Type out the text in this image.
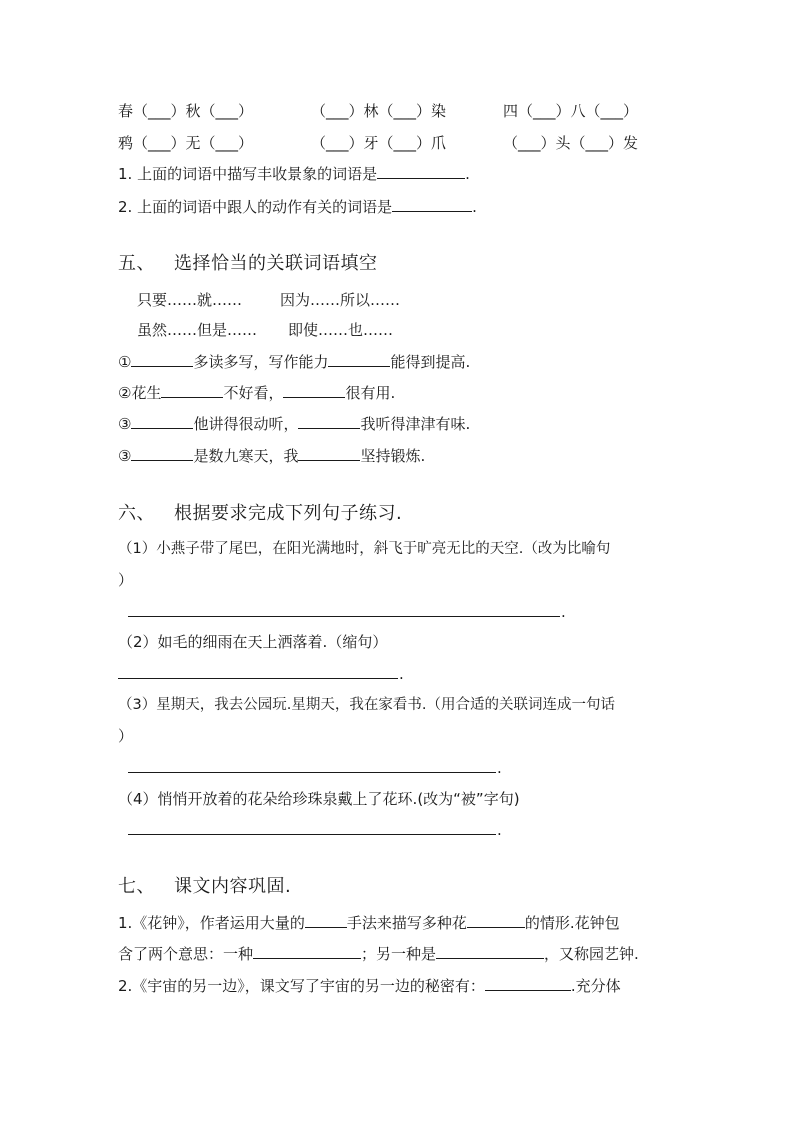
春（___）秋（___）	（___）林（___）染	四（___）八（___）
鸦（___）无（___）	（___）牙（___）爪	（___）头（___）发
1. 上面的词语中描写丰收景象的词语是	.
2. 上面的词语中跟人的动作有关的词语是	.
五、 选择恰当的关联词语填空
只要……就……	因为……所以……
虽然……但是…… 即使……也……
①	多读多写，写作能力	能得到提高.
②花生	不好看，	很有用.
③	他讲得很动听，	我听得津津有味.
③	是数九寒天，我	坚持锻炼.
六、 根据要求完成下列句子练习.
（1）小燕子带了尾巴，在阳光满地时，斜飞于旷亮无比的天空.（改为比喻句
）
.
（2）如毛的细雨在天上洒落着.（缩句）
.
（3）星期天，我去公园玩.星期天，我在家看书.（用合适的关联词连成一句话
）
.
（4）悄悄开放着的花朵给珍珠泉戴上了花环.(改为“被”字句)
.
七、 课文内容巩固.
1.《花钟》，作者运用大量的	手法来描写多种花	的情形.花钟包
含了两个意思：一种	；另一种是	，又称园艺钟.
2.《宇宙的另一边》，课文写了宇宙的另一边的秘密有：	.充分体
